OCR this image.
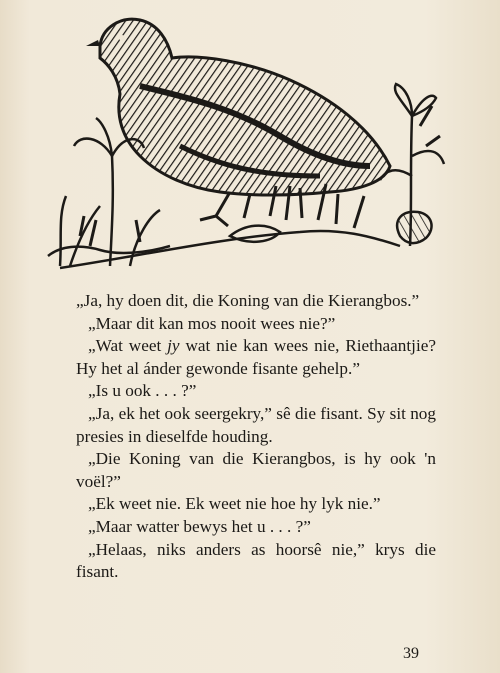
„Ja, hy doen dit, die Koning van die Kierangbos.”

„Maar dit kan mos nooit wees nie?”

„Wat weet jy wat nie kan wees nie, Riethaantjie? Hy het al ánder gewonde fisante gehelp.”

„Is u ook . . . ?”

„Ja, ek het ook seergekry,” sê die fisant. Sy sit nog presies in dieselfde houding.

„Die Koning van die Kierangbos, is hy ook 'n voël?”

„Ek weet nie. Ek weet nie hoe hy lyk nie.”

„Maar watter bewys het u . . . ?”

„Helaas, niks anders as hoorsê nie,” krys die fisant.

39
